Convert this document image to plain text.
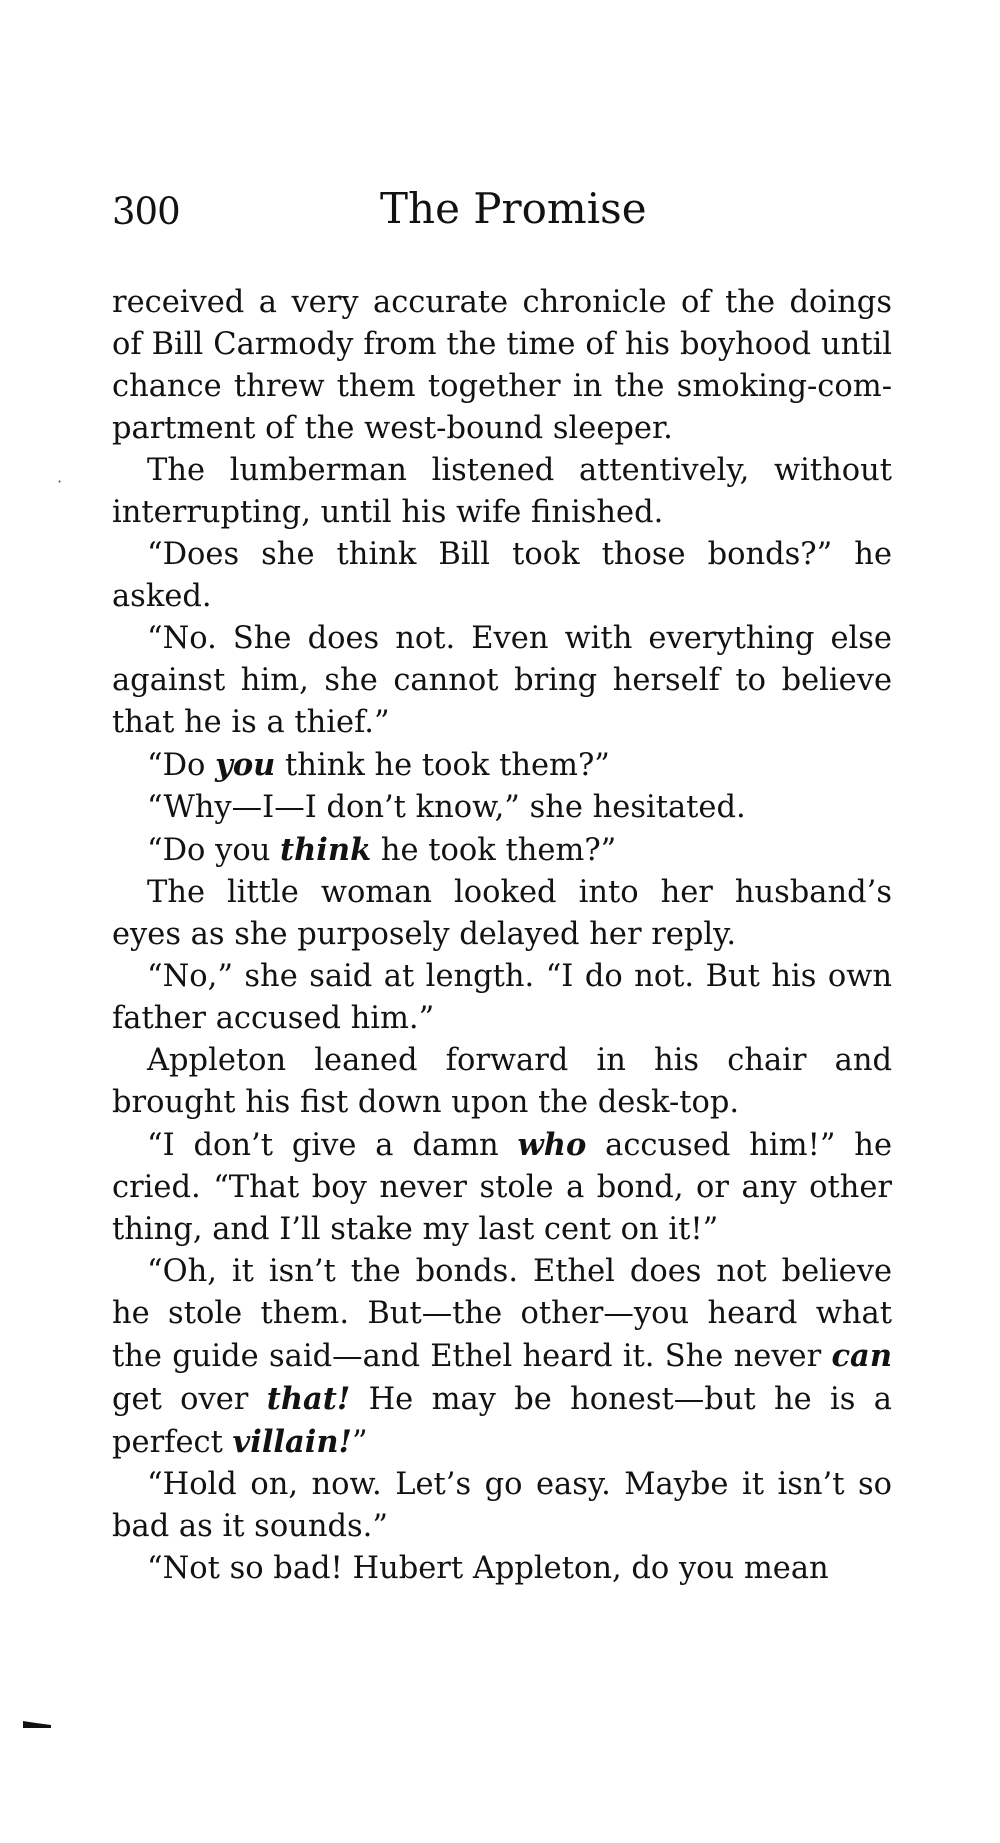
300	The Promise
·

received a very accurate chronicle of the doings of Bill Carmody from the time of his boyhood until chance threw them together in the smoking-compartment of the west-bound sleeper.

The lumberman listened attentively, without interrupting, until his wife finished.

“Does she think Bill took those bonds?” he asked.

“No. She does not. Even with everything else against him, she cannot bring herself to believe that he is a thief.”

“Do you think he took them?”

“Why—I—I don’t know,” she hesitated.

“Do you think he took them?”

The little woman looked into her husband’s eyes as she purposely delayed her reply.

“No,” she said at length. “I do not. But his own father accused him.”

Appleton leaned forward in his chair and brought his fist down upon the desk-top.

“I don’t give a damn who accused him!” he cried. “That boy never stole a bond, or any other thing, and I’ll stake my last cent on it!”

“Oh, it isn’t the bonds. Ethel does not believe he stole them. But—the other—you heard what the guide said—and Ethel heard it. She never can get over that! He may be honest—but he is a perfect villain!”

“Hold on, now. Let’s go easy. Maybe it isn’t so bad as it sounds.”

“Not so bad! Hubert Appleton, do you mean
